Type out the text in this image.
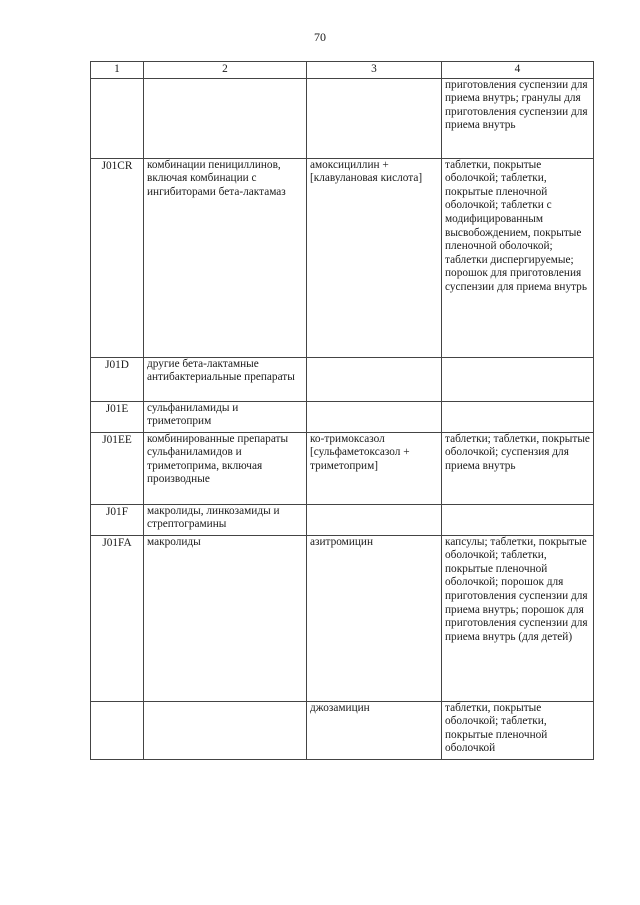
70
1	2	3	4
			приготовления суспензии для приема внутрь; гранулы для приготовления суспензии для приема внутрь
J01CR	комбинации пенициллинов, включая комбинации с ингибиторами бета-лактамаз	амоксициллин + [клавулановая кислота]	таблетки, покрытые оболочкой; таблетки, покрытые пленочной оболочкой; таблетки с модифицированным высвобождением, покрытые пленочной оболочкой; таблетки диспергируемые; порошок для приготовления суспензии для приема внутрь
J01D	другие бета-лактамные антибактериальные препараты		
J01E	сульфаниламиды и триметоприм		
J01EE	комбинированные препараты сульфаниламидов и триметоприма, включая производные	ко-тримоксазол [сульфаметоксазол + триметоприм]	таблетки; таблетки, покрытые оболочкой; суспензия для приема внутрь
J01F	макролиды, линкозамиды и стрептограмины		
J01FA	макролиды	азитромицин	капсулы; таблетки, покрытые оболочкой; таблетки, покрытые пленочной оболочкой; порошок для приготовления суспензии для приема внутрь; порошок для приготовления суспензии для приема внутрь (для детей)
		джозамицин	таблетки, покрытые оболочкой; таблетки, покрытые пленочной оболочкой
